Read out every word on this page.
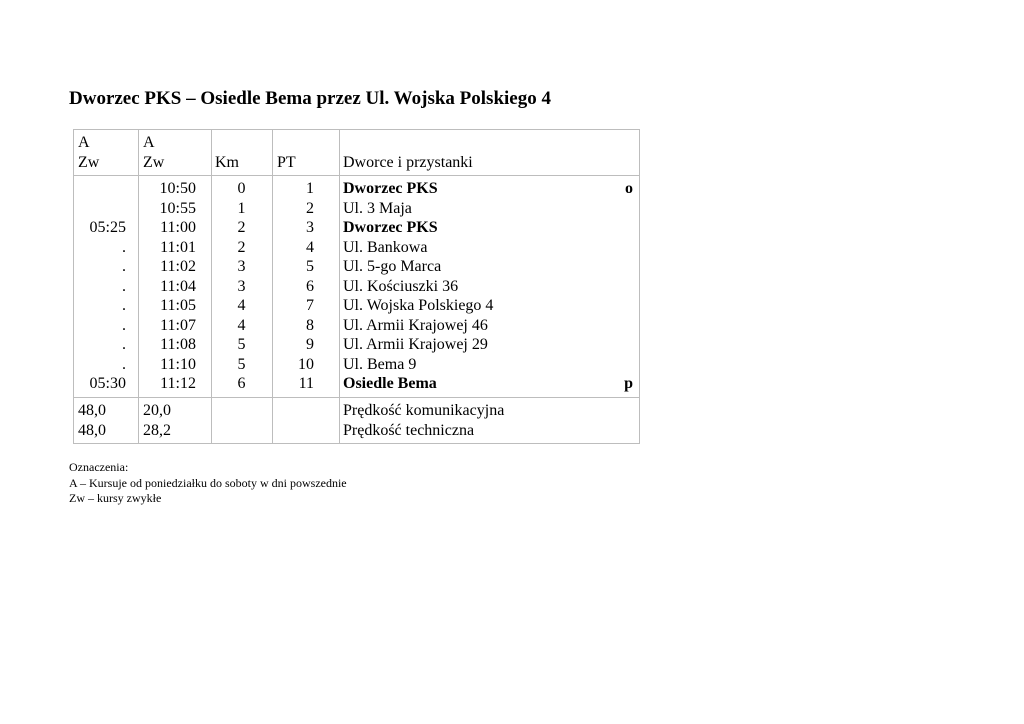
Dworzec PKS – Osiedle Bema przez Ul. Wojska Polskiego 4
A
Zw
A
Zw	Km PT	Dworce i przystanki
05:25
.
.
.
.
.
.
.
05:30
10:50
10:55
11:00
11:01
11:02
11:04
11:05
11:07
11:08
11:10
11:12
0
1
2
2
3
3
4
4
5
5
6
1
2
3
4
5
6
7
8
9
10
11
Dworzec PKS
Ul. 3 Maja
Dworzec PKS
Ul. Bankowa
Ul. 5-go Marca
Ul. Kościuszki 36
Ul. Wojska Polskiego 4
Ul. Armii Krajowej 46
Ul. Armii Krajowej 29
Ul. Bema 9
Osiedle Bema
o
p
48,0
48,0
20,0
28,2
Prędkość komunikacyjna
Prędkość techniczna
Oznaczenia:
A – Kursuje od poniedziałku do soboty w dni powszednie
Zw – kursy zwykłe
